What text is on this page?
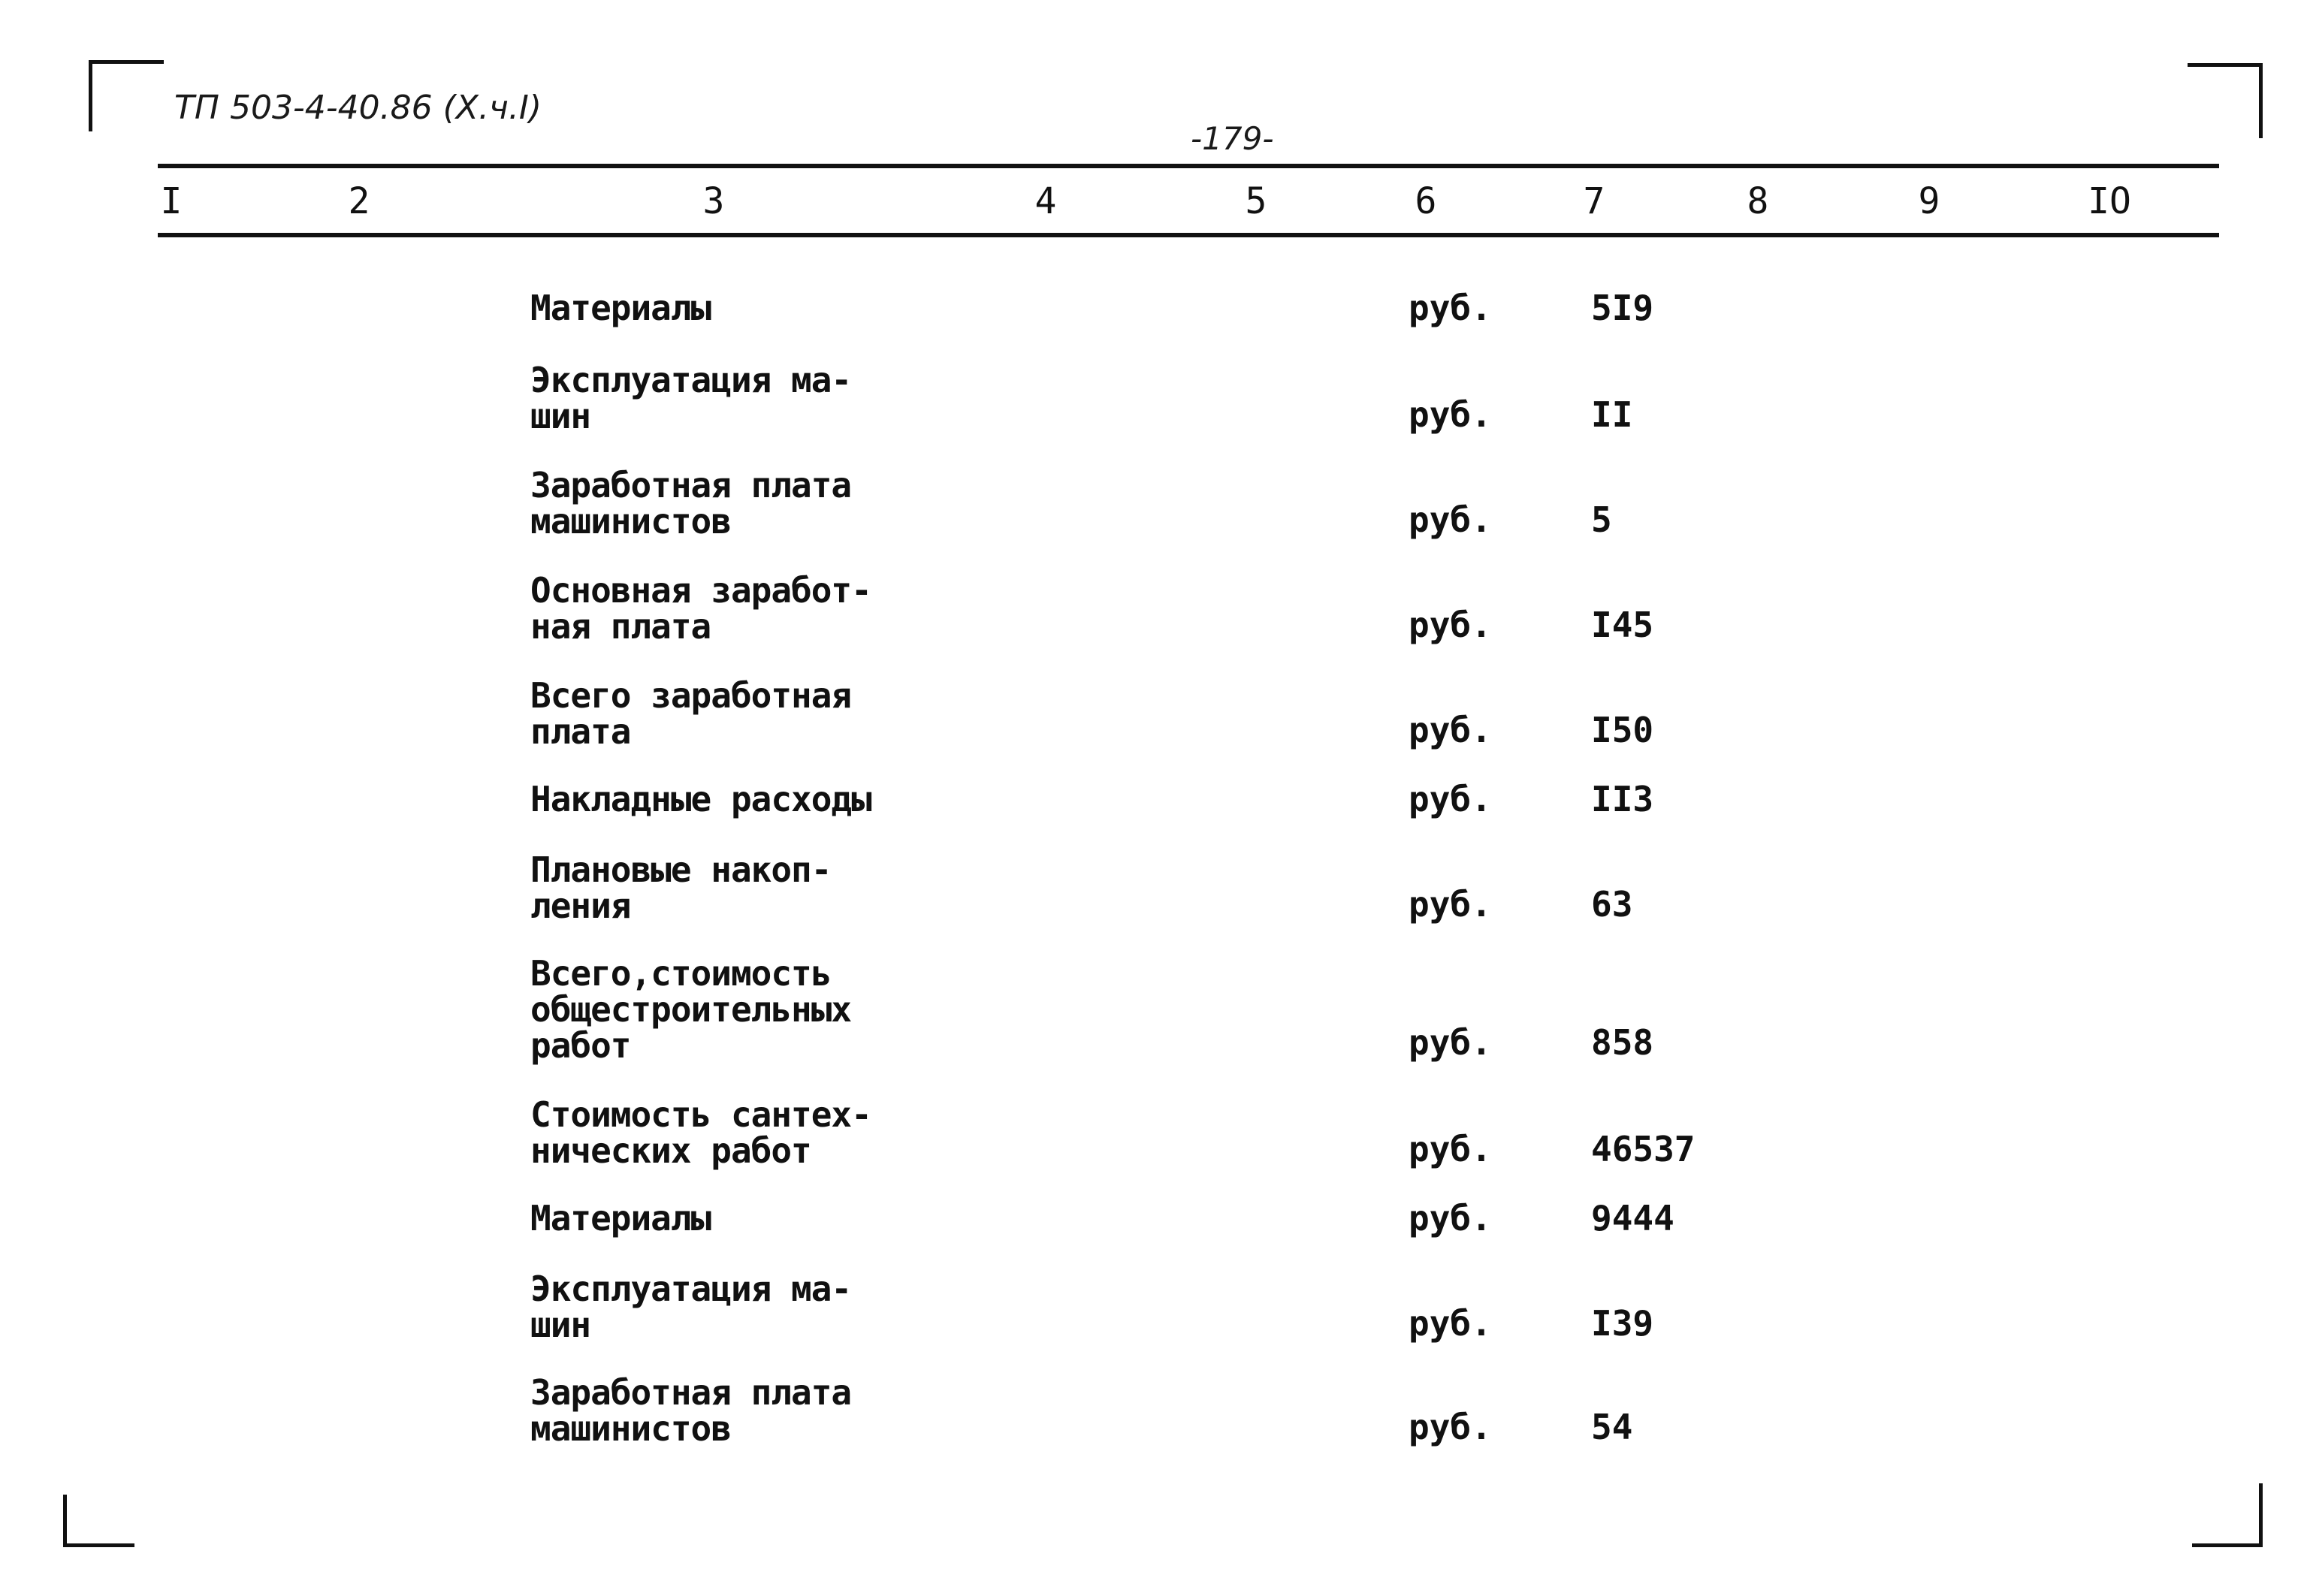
ТП 503-4-40.86 (Х.ч.I)
-179-
I	2	3	4	5	6	7	8	9	IO
Материалы	руб.	5I9
Эксплуатация ма-
шин	руб.	II
Заработная плата
машинистов	руб.	5
Основная заработ-
ная плата	руб.	I45
Всего заработная
плата	руб.	I50
Накладные расходы	руб.	II3
Плановые накоп-
ления	руб.	63
Всего,стоимость
общестроительных
работ	руб.	858
Стоимость сантех-
нических работ	руб.	46537
Материалы	руб.	9444
Эксплуатация ма-
шин	руб.	I39
Заработная плата
машинистов	руб.	54
